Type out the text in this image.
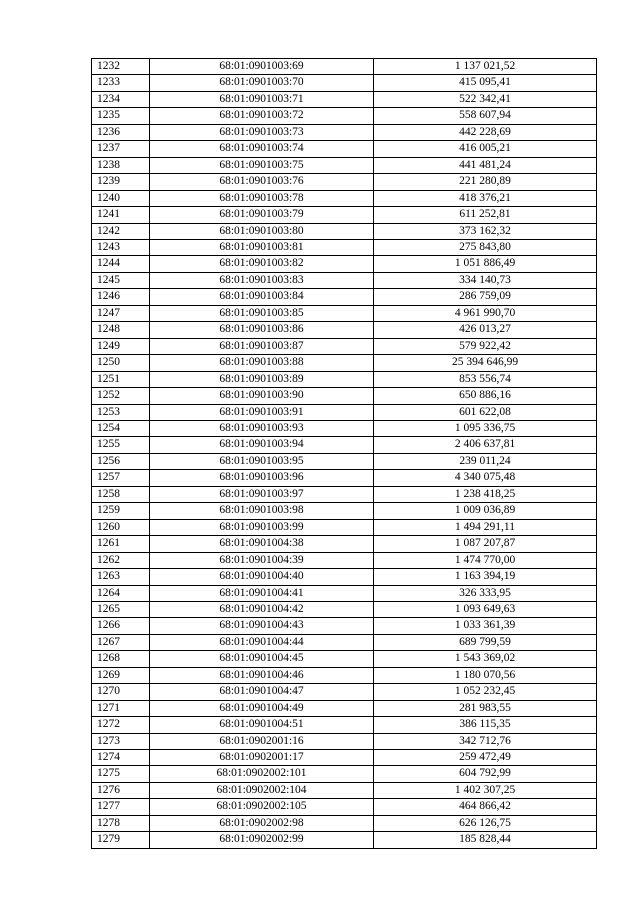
1232	68:01:0901003:69	1 137 021,52
1233	68:01:0901003:70	415 095,41
1234	68:01:0901003:71	522 342,41
1235	68:01:0901003:72	558 607,94
1236	68:01:0901003:73	442 228,69
1237	68:01:0901003:74	416 005,21
1238	68:01:0901003:75	441 481,24
1239	68:01:0901003:76	221 280,89
1240	68:01:0901003:78	418 376,21
1241	68:01:0901003:79	611 252,81
1242	68:01:0901003:80	373 162,32
1243	68:01:0901003:81	275 843,80
1244	68:01:0901003:82	1 051 886,49
1245	68:01:0901003:83	334 140,73
1246	68:01:0901003:84	286 759,09
1247	68:01:0901003:85	4 961 990,70
1248	68:01:0901003:86	426 013,27
1249	68:01:0901003:87	579 922,42
1250	68:01:0901003:88	25 394 646,99
1251	68:01:0901003:89	853 556,74
1252	68:01:0901003:90	650 886,16
1253	68:01:0901003:91	601 622,08
1254	68:01:0901003:93	1 095 336,75
1255	68:01:0901003:94	2 406 637,81
1256	68:01:0901003:95	239 011,24
1257	68:01:0901003:96	4 340 075,48
1258	68:01:0901003:97	1 238 418,25
1259	68:01:0901003:98	1 009 036,89
1260	68:01:0901003:99	1 494 291,11
1261	68:01:0901004:38	1 087 207,87
1262	68:01:0901004:39	1 474 770,00
1263	68:01:0901004:40	1 163 394,19
1264	68:01:0901004:41	326 333,95
1265	68:01:0901004:42	1 093 649,63
1266	68:01:0901004:43	1 033 361,39
1267	68:01:0901004:44	689 799,59
1268	68:01:0901004:45	1 543 369,02
1269	68:01:0901004:46	1 180 070,56
1270	68:01:0901004:47	1 052 232,45
1271	68:01:0901004:49	281 983,55
1272	68:01:0901004:51	386 115,35
1273	68:01:0902001:16	342 712,76
1274	68:01:0902001:17	259 472,49
1275	68:01:0902002:101	604 792,99
1276	68:01:0902002:104	1 402 307,25
1277	68:01:0902002:105	464 866,42
1278	68:01:0902002:98	626 126,75
1279	68:01:0902002:99	185 828,44
